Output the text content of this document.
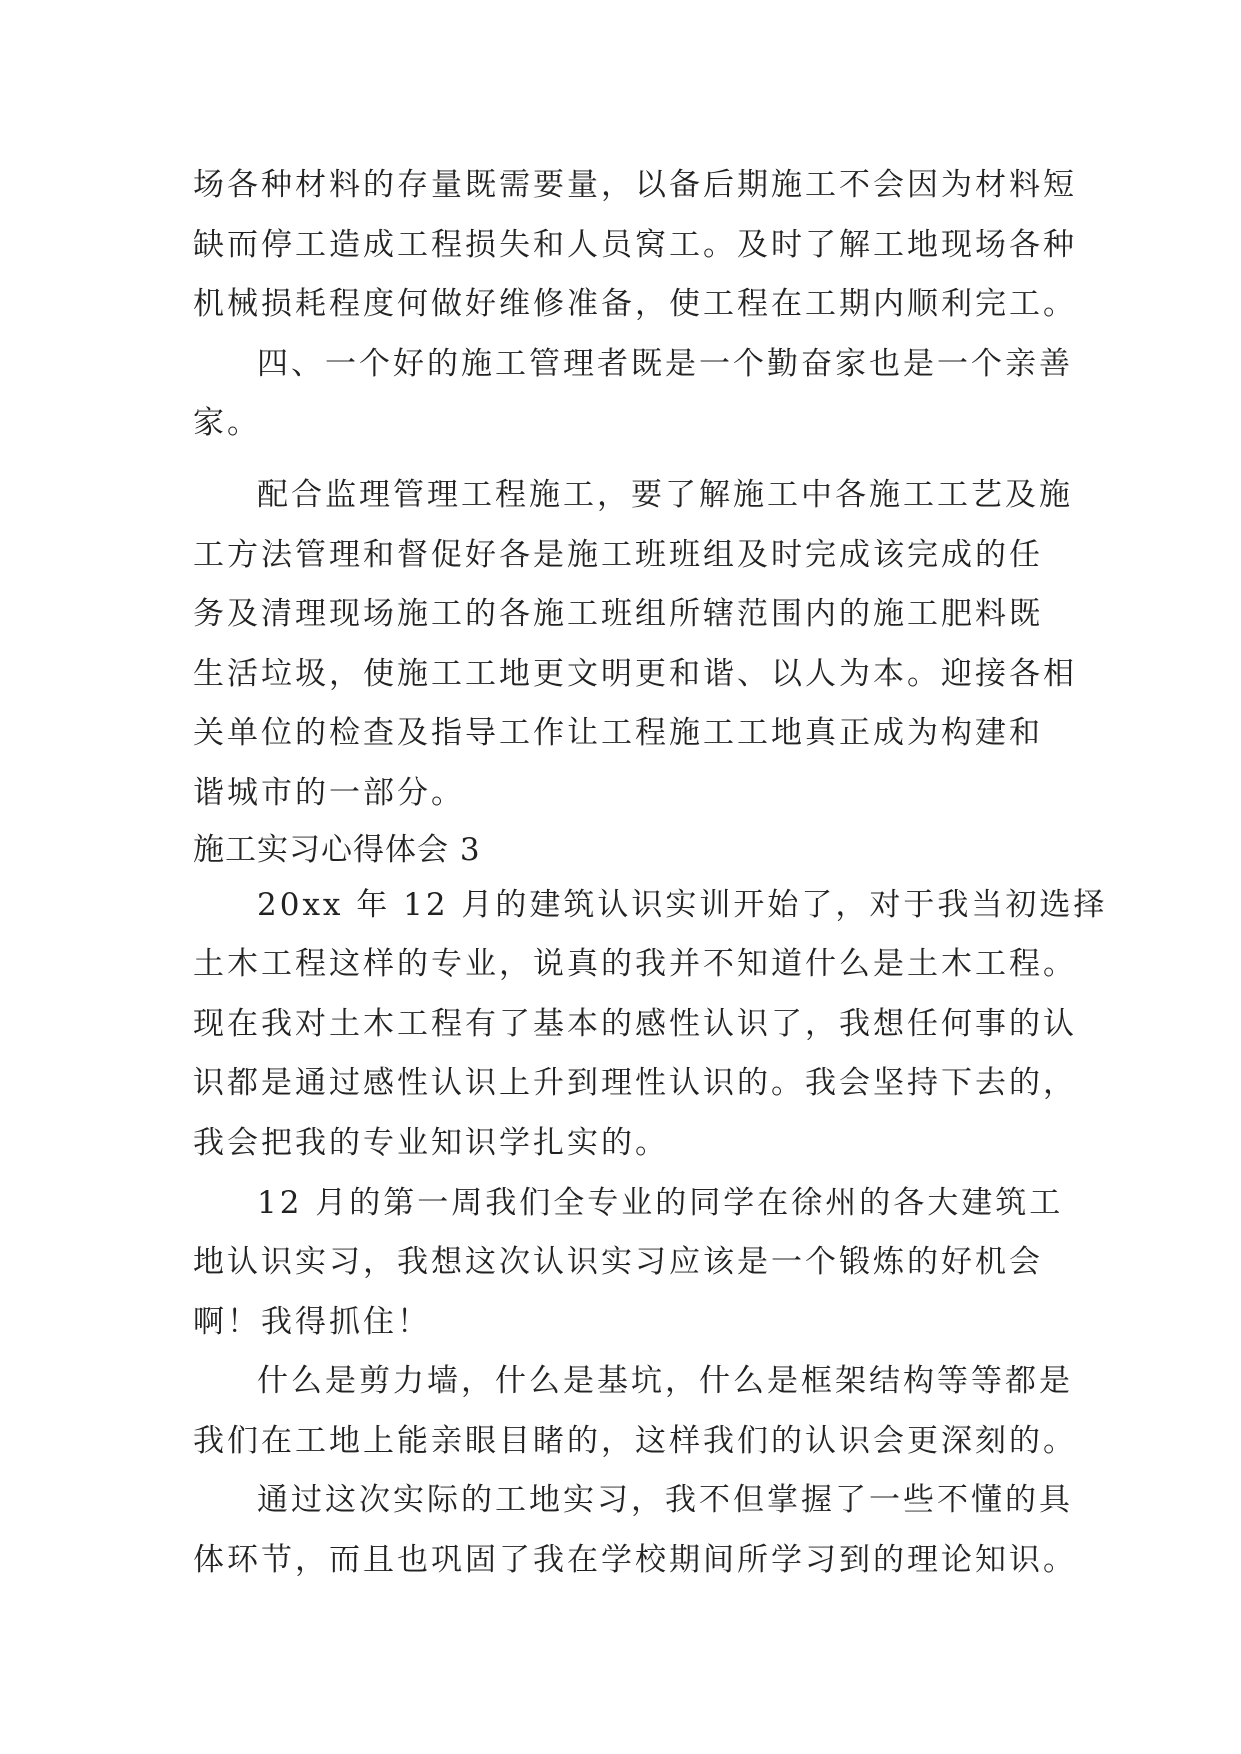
场各种材料的存量既需要量，以备后期施工不会因为材料短
缺而停工造成工程损失和人员窝工。及时了解工地现场各种
机械损耗程度何做好维修准备，使工程在工期内顺利完工。

四、一个好的施工管理者既是一个勤奋家也是一个亲善
家。

配合监理管理工程施工，要了解施工中各施工工艺及施
工方法管理和督促好各是施工班班组及时完成该完成的任
务及清理现场施工的各施工班组所辖范围内的施工肥料既
生活垃圾，使施工工地更文明更和谐、以人为本。迎接各相
关单位的检查及指导工作让工程施工工地真正成为构建和
谐城市的一部分。

施工实习心得体会 3

20xx 年 12 月的建筑认识实训开始了，对于我当初选择
土木工程这样的专业，说真的我并不知道什么是土木工程。
现在我对土木工程有了基本的感性认识了，我想任何事的认
识都是通过感性认识上升到理性认识的。我会坚持下去的，
我会把我的专业知识学扎实的。

12 月的第一周我们全专业的同学在徐州的各大建筑工
地认识实习，我想这次认识实习应该是一个锻炼的好机会
啊！我得抓住！

什么是剪力墙，什么是基坑，什么是框架结构等等都是
我们在工地上能亲眼目睹的，这样我们的认识会更深刻的。

通过这次实际的工地实习，我不但掌握了一些不懂的具
体环节，而且也巩固了我在学校期间所学习到的理论知识。
